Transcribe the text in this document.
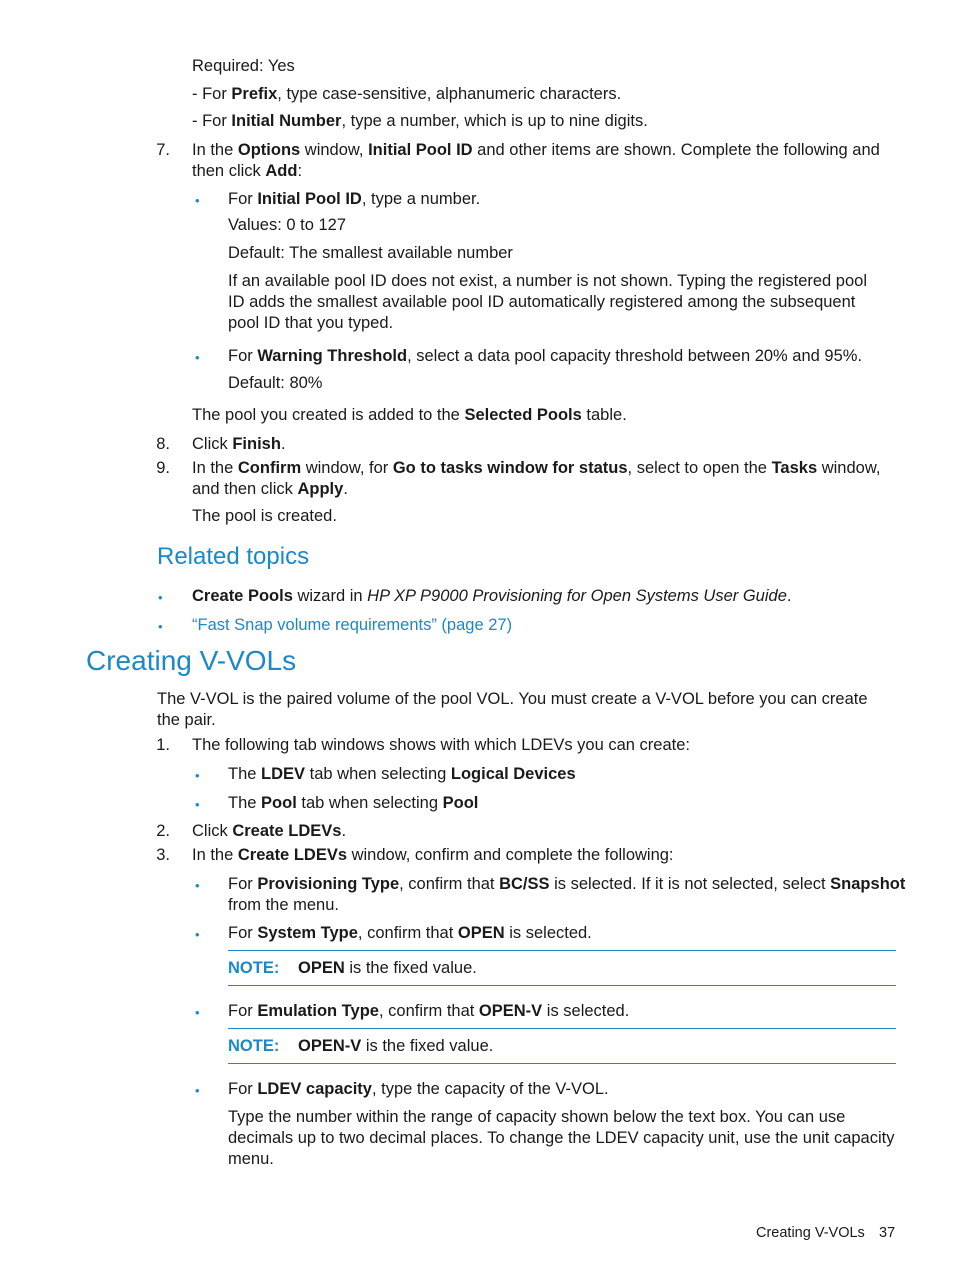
Required: Yes
- For Prefix, type case-sensitive, alphanumeric characters.
- For Initial Number, type a number, which is up to nine digits.
7. In the Options window, Initial Pool ID and other items are shown. Complete the following and
then click Add:
• For Initial Pool ID, type a number.
Values: 0 to 127
Default: The smallest available number
If an available pool ID does not exist, a number is not shown. Typing the registered pool
ID adds the smallest available pool ID automatically registered among the subsequent
pool ID that you typed.
• For Warning Threshold, select a data pool capacity threshold between 20% and 95%.
Default: 80%
The pool you created is added to the Selected Pools table.
8. Click Finish.
9. In the Confirm window, for Go to tasks window for status, select to open the Tasks window,
and then click Apply.
The pool is created.
Related topics
• Create Pools wizard in HP XP P9000 Provisioning for Open Systems User Guide.
• “Fast Snap volume requirements” (page 27)
Creating V-VOLs
The V-VOL is the paired volume of the pool VOL. You must create a V-VOL before you can create
the pair.
1. The following tab windows shows with which LDEVs you can create:
• The LDEV tab when selecting Logical Devices
• The Pool tab when selecting Pool
2. Click Create LDEVs.
3. In the Create LDEVs window, confirm and complete the following:
• For Provisioning Type, confirm that BC/SS is selected. If it is not selected, select Snapshot
from the menu.
• For System Type, confirm that OPEN is selected.
NOTE: OPEN is the fixed value.
• For Emulation Type, confirm that OPEN-V is selected.
NOTE: OPEN-V is the fixed value.
• For LDEV capacity, type the capacity of the V-VOL.
Type the number within the range of capacity shown below the text box. You can use
decimals up to two decimal places. To change the LDEV capacity unit, use the unit capacity
menu.
Creating V-VOLs 37
